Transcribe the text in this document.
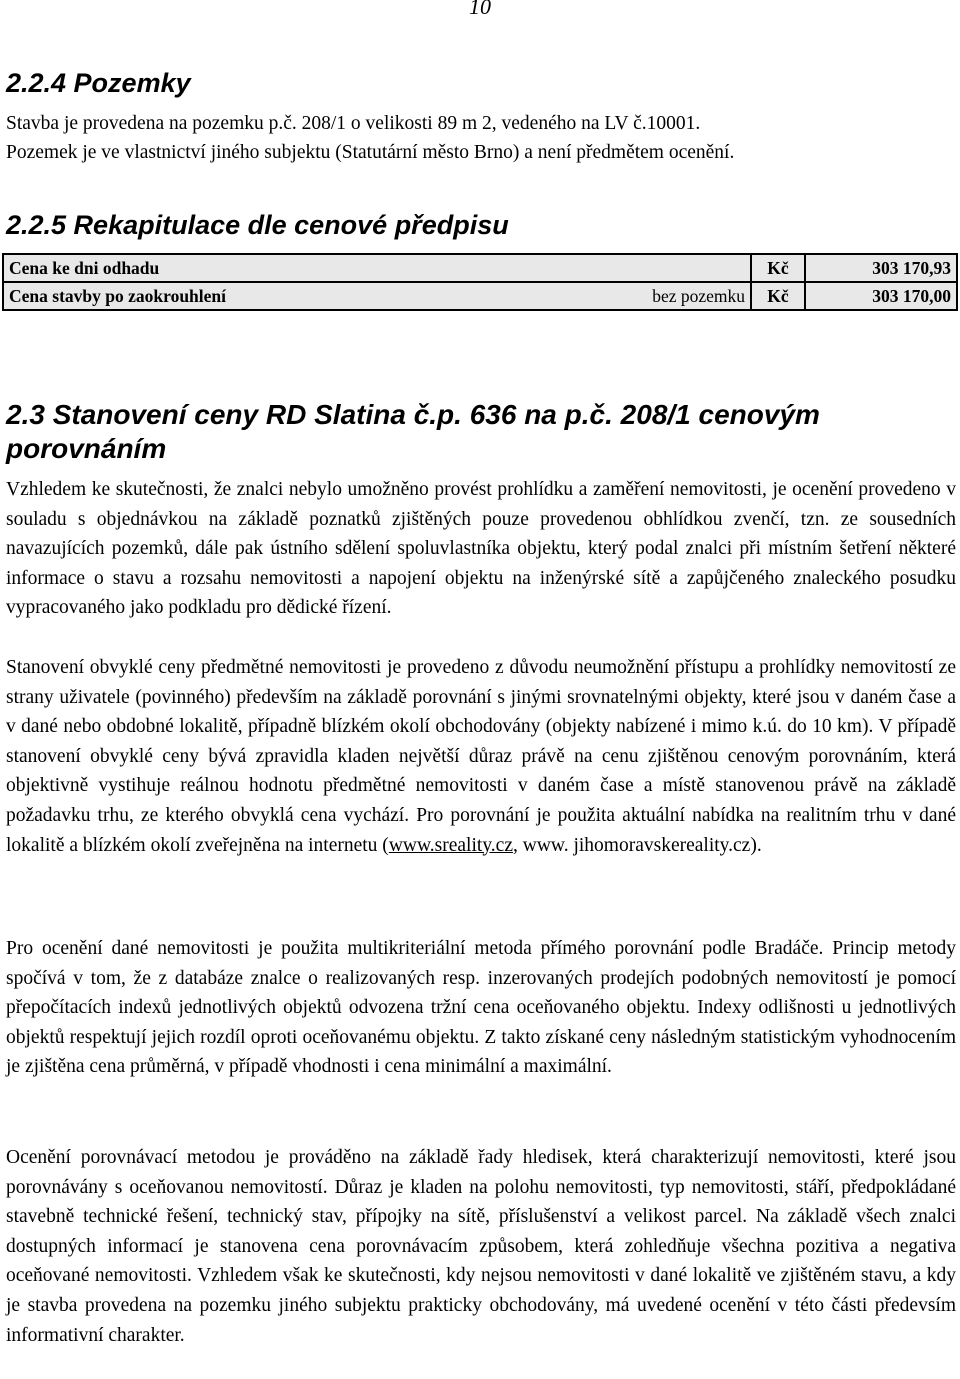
10
2.2.4 Pozemky
Stavba je provedena na pozemku p.č. 208/1 o velikosti 89 m 2, vedeného na LV č.10001.
Pozemek je ve vlastnictví jiného subjektu (Statutární město Brno) a není předmětem ocenění.
2.2.5 Rekapitulace dle cenové předpisu
Cena ke dni odhadu		Kč	303 170,93
Cena stavby po zaokrouhlení	bez pozemku	Kč	303 170,00
2.3 Stanovení ceny RD Slatina č.p. 636 na p.č. 208/1 cenovým porovnáním

Vzhledem ke skutečnosti, že znalci nebylo umožněno provést prohlídku a zaměření nemovitosti, je ocenění provedeno v souladu s objednávkou na základě poznatků zjištěných pouze provedenou obhlídkou zvenčí, tzn. ze sousedních navazujících pozemků, dále pak ústního sdělení spoluvlastníka objektu, který podal znalci při místním šetření některé informace o stavu a rozsahu nemovitosti a napojení objektu na inženýrské sítě a zapůjčeného znaleckého posudku vypracovaného jako podkladu pro dědické řízení.

Stanovení obvyklé ceny předmětné nemovitosti je provedeno z důvodu neumožnění přístupu a prohlídky nemovitostí ze strany uživatele (povinného) především na základě porovnání s jinými srovnatelnými objekty, které jsou v daném čase a v dané nebo obdobné lokalitě, případně blízkém okolí obchodovány (objekty nabízené i mimo k.ú. do 10 km). V případě stanovení obvyklé ceny bývá zpravidla kladen největší důraz právě na cenu zjištěnou cenovým porovnáním, která objektivně vystihuje reálnou hodnotu předmětné nemovitosti v daném čase a místě stanovenou právě na základě požadavku trhu, ze kterého obvyklá cena vychází. Pro porovnání je použita aktuální nabídka na realitním trhu v dané lokalitě a blízkém okolí zveřejněna na internetu (www.sreality.cz, www. jihomoravskereality.cz).

Pro ocenění dané nemovitosti je použita multikriteriální metoda přímého porovnání podle Bradáče. Princip metody spočívá v tom, že z databáze znalce o realizovaných resp. inzerovaných prodejích podobných nemovitostí je pomocí přepočítacích indexů jednotlivých objektů odvozena tržní cena oceňovaného objektu. Indexy odlišnosti u jednotlivých objektů respektují jejich rozdíl oproti oceňovanému objektu. Z takto získané ceny následným statistickým vyhodnocením je zjištěna cena průměrná, v případě vhodnosti i cena minimální a maximální.

Ocenění porovnávací metodou je prováděno na základě řady hledisek, která charakterizují nemovitosti, které jsou porovnávány s oceňovanou nemovitostí. Důraz je kladen na polohu nemovitosti, typ nemovitosti, stáří, předpokládané stavebně technické řešení, technický stav, přípojky na sítě, příslušenství a velikost parcel. Na základě všech znalci dostupných informací je stanovena cena porovnávacím způsobem, která zohledňuje všechna pozitiva a negativa oceňované nemovitosti. Vzhledem však ke skutečnosti, kdy nejsou nemovitosti v dané lokalitě ve zjištěném stavu, a kdy je stavba provedena na pozemku jiného subjektu prakticky obchodovány, má uvedené ocenění v této části předevsím informativní charakter.
